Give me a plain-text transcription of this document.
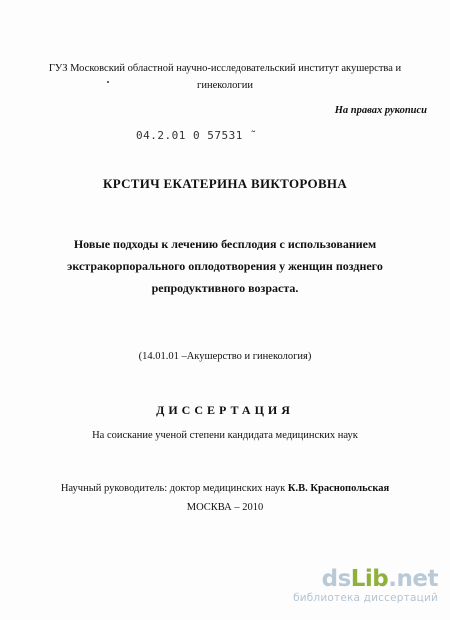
ГУЗ Московский областной научно-исследовательский институт акушерства и гинекологии
На правах рукописи
04.2.01 0 57531 ˜
КРСТИЧ ЕКАТЕРИНА ВИКТОРОВНА
Новые подходы к лечению бесплодия с использованием экстракорпорального оплодотворения у женщин позднего репродуктивного возраста.
(14.01.01 –Акушерство и гинекология)
ДИССЕРТАЦИЯ
На соискание ученой степени кандидата медицинских наук
Научный руководитель: доктор медицинских наук К.В. Краснопольская
МОСКВА – 2010
dsLib.net
библиотека диссертаций
